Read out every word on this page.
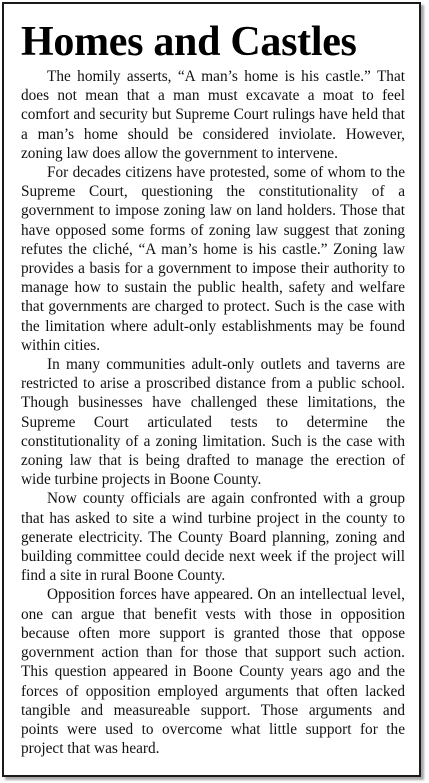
Homes and Castles

The homily asserts, “A man’s home is his castle.” That does not mean that a man must excavate a moat to feel comfort and security but Supreme Court rulings have held that a man’s home should be considered inviolate. However, zoning law does allow the government to intervene.

For decades citizens have protested, some of whom to the Supreme Court, questioning the constitutionality of a government to impose zoning law on land holders. Those that have opposed some forms of zoning law suggest that zoning refutes the cliché, “A man’s home is his castle.” Zoning law provides a basis for a government to impose their authority to manage how to sustain the public health, safety and welfare that governments are charged to protect. Such is the case with the limitation where adult-only establishments may be found within cities.

In many communities adult-only outlets and taverns are restricted to arise a proscribed distance from a public school. Though businesses have challenged these limitations, the Supreme Court articulated tests to determine the constitutionality of a zoning limitation. Such is the case with zoning law that is being drafted to manage the erection of wide turbine projects in Boone County.

Now county officials are again confronted with a group that has asked to site a wind turbine project in the county to generate electricity. The County Board planning, zoning and building committee could decide next week if the project will find a site in rural Boone County.

Opposition forces have appeared. On an intellectual level, one can argue that benefit vests with those in opposition because often more support is granted those that oppose government action than for those that support such action. This question appeared in Boone County years ago and the forces of opposition employed arguments that often lacked tangible and measureable support. Those arguments and points were used to overcome what little support for the project that was heard.
